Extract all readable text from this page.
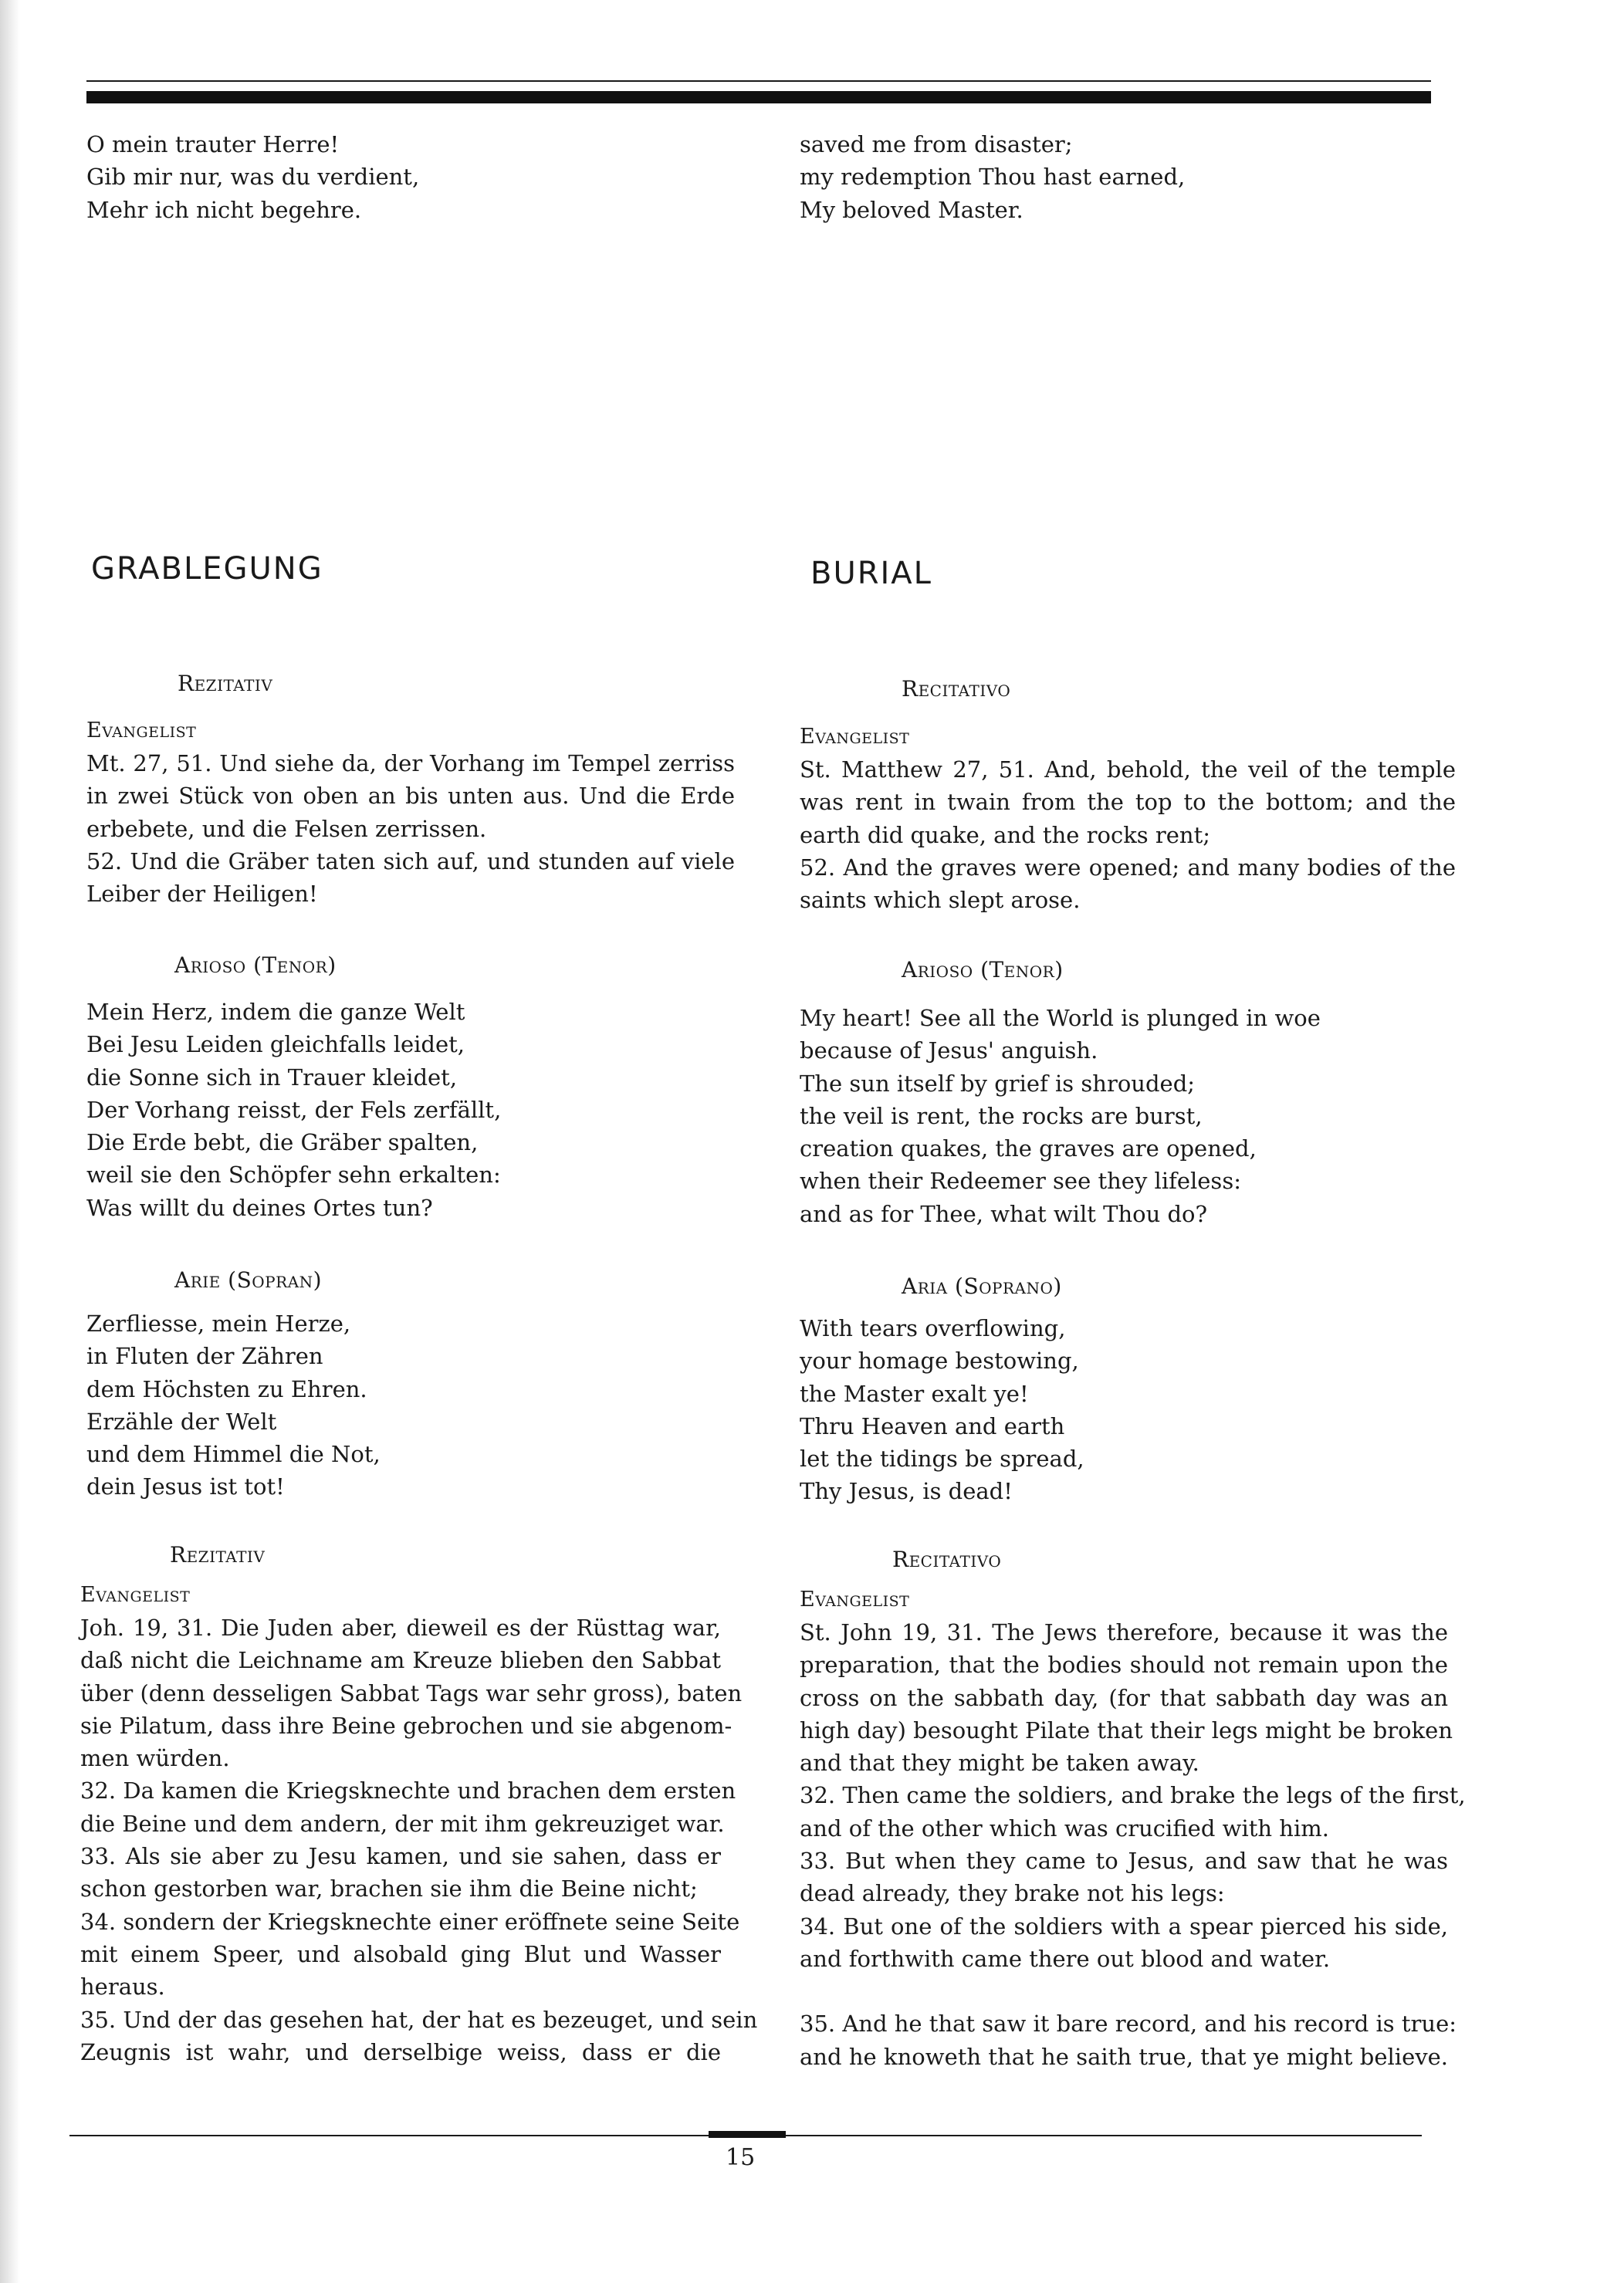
O mein trauter Herre!
Gib mir nur, was du verdient,
Mehr ich nicht begehre.
saved me from disaster;
my redemption Thou hast earned,
My beloved Master.
GRABLEGUNG	BURIAL
Rezitativ	Recitativo
Evangelist
Mt. 27, 51. Und siehe da, der Vorhang im Tempel zerriss
in zwei Stück von oben an bis unten aus. Und die Erde
erbebete, und die Felsen zerrissen.
52. Und die Gräber taten sich auf, und stunden auf viele
Leiber der Heiligen!
Evangelist
St. Matthew 27, 51. And, behold, the veil of the temple
was rent in twain from the top to the bottom; and the
earth did quake, and the rocks rent;
52. And the graves were opened; and many bodies of the
saints which slept arose.
Arioso (Tenor)	Arioso (Tenor)
Mein Herz, indem die ganze Welt
Bei Jesu Leiden gleichfalls leidet,
die Sonne sich in Trauer kleidet,
Der Vorhang reisst, der Fels zerfällt,
Die Erde bebt, die Gräber spalten,
weil sie den Schöpfer sehn erkalten:
Was willt du deines Ortes tun?
My heart! See all the World is plunged in woe
because of Jesus' anguish.
The sun itself by grief is shrouded;
the veil is rent, the rocks are burst,
creation quakes, the graves are opened,
when their Redeemer see they lifeless:
and as for Thee, what wilt Thou do?
Arie (Sopran)	Aria (Soprano)
Zerfliesse, mein Herze,
in Fluten der Zähren
dem Höchsten zu Ehren.
Erzähle der Welt
und dem Himmel die Not,
dein Jesus ist tot!
With tears overflowing,
your homage bestowing,
the Master exalt ye!
Thru Heaven and earth
let the tidings be spread,
Thy Jesus, is dead!
Rezitativ	Recitativo
Evangelist
Joh. 19, 31. Die Juden aber, dieweil es der Rüsttag war,
daß nicht die Leichname am Kreuze blieben den Sabbat
über (denn desseligen Sabbat Tags war sehr gross), baten
sie Pilatum, dass ihre Beine gebrochen und sie abgenom-
men würden.
32. Da kamen die Kriegsknechte und brachen dem ersten
die Beine und dem andern, der mit ihm gekreuziget war.
33. Als sie aber zu Jesu kamen, und sie sahen, dass er
schon gestorben war, brachen sie ihm die Beine nicht;
34. sondern der Kriegsknechte einer eröffnete seine Seite
mit einem Speer, und alsobald ging Blut und Wasser
heraus.
35. Und der das gesehen hat, der hat es bezeuget, und sein
Zeugnis ist wahr, und derselbige weiss, dass er die
Evangelist
St. John 19, 31. The Jews therefore, because it was the
preparation, that the bodies should not remain upon the
cross on the sabbath day, (for that sabbath day was an
high day) besought Pilate that their legs might be broken
and that they might be taken away.
32. Then came the soldiers, and brake the legs of the first,
and of the other which was crucified with him.
33. But when they came to Jesus, and saw that he was
dead already, they brake not his legs:
34. But one of the soldiers with a spear pierced his side,
and forthwith came there out blood and water.
35. And he that saw it bare record, and his record is true:
and he knoweth that he saith true, that ye might believe.
15
